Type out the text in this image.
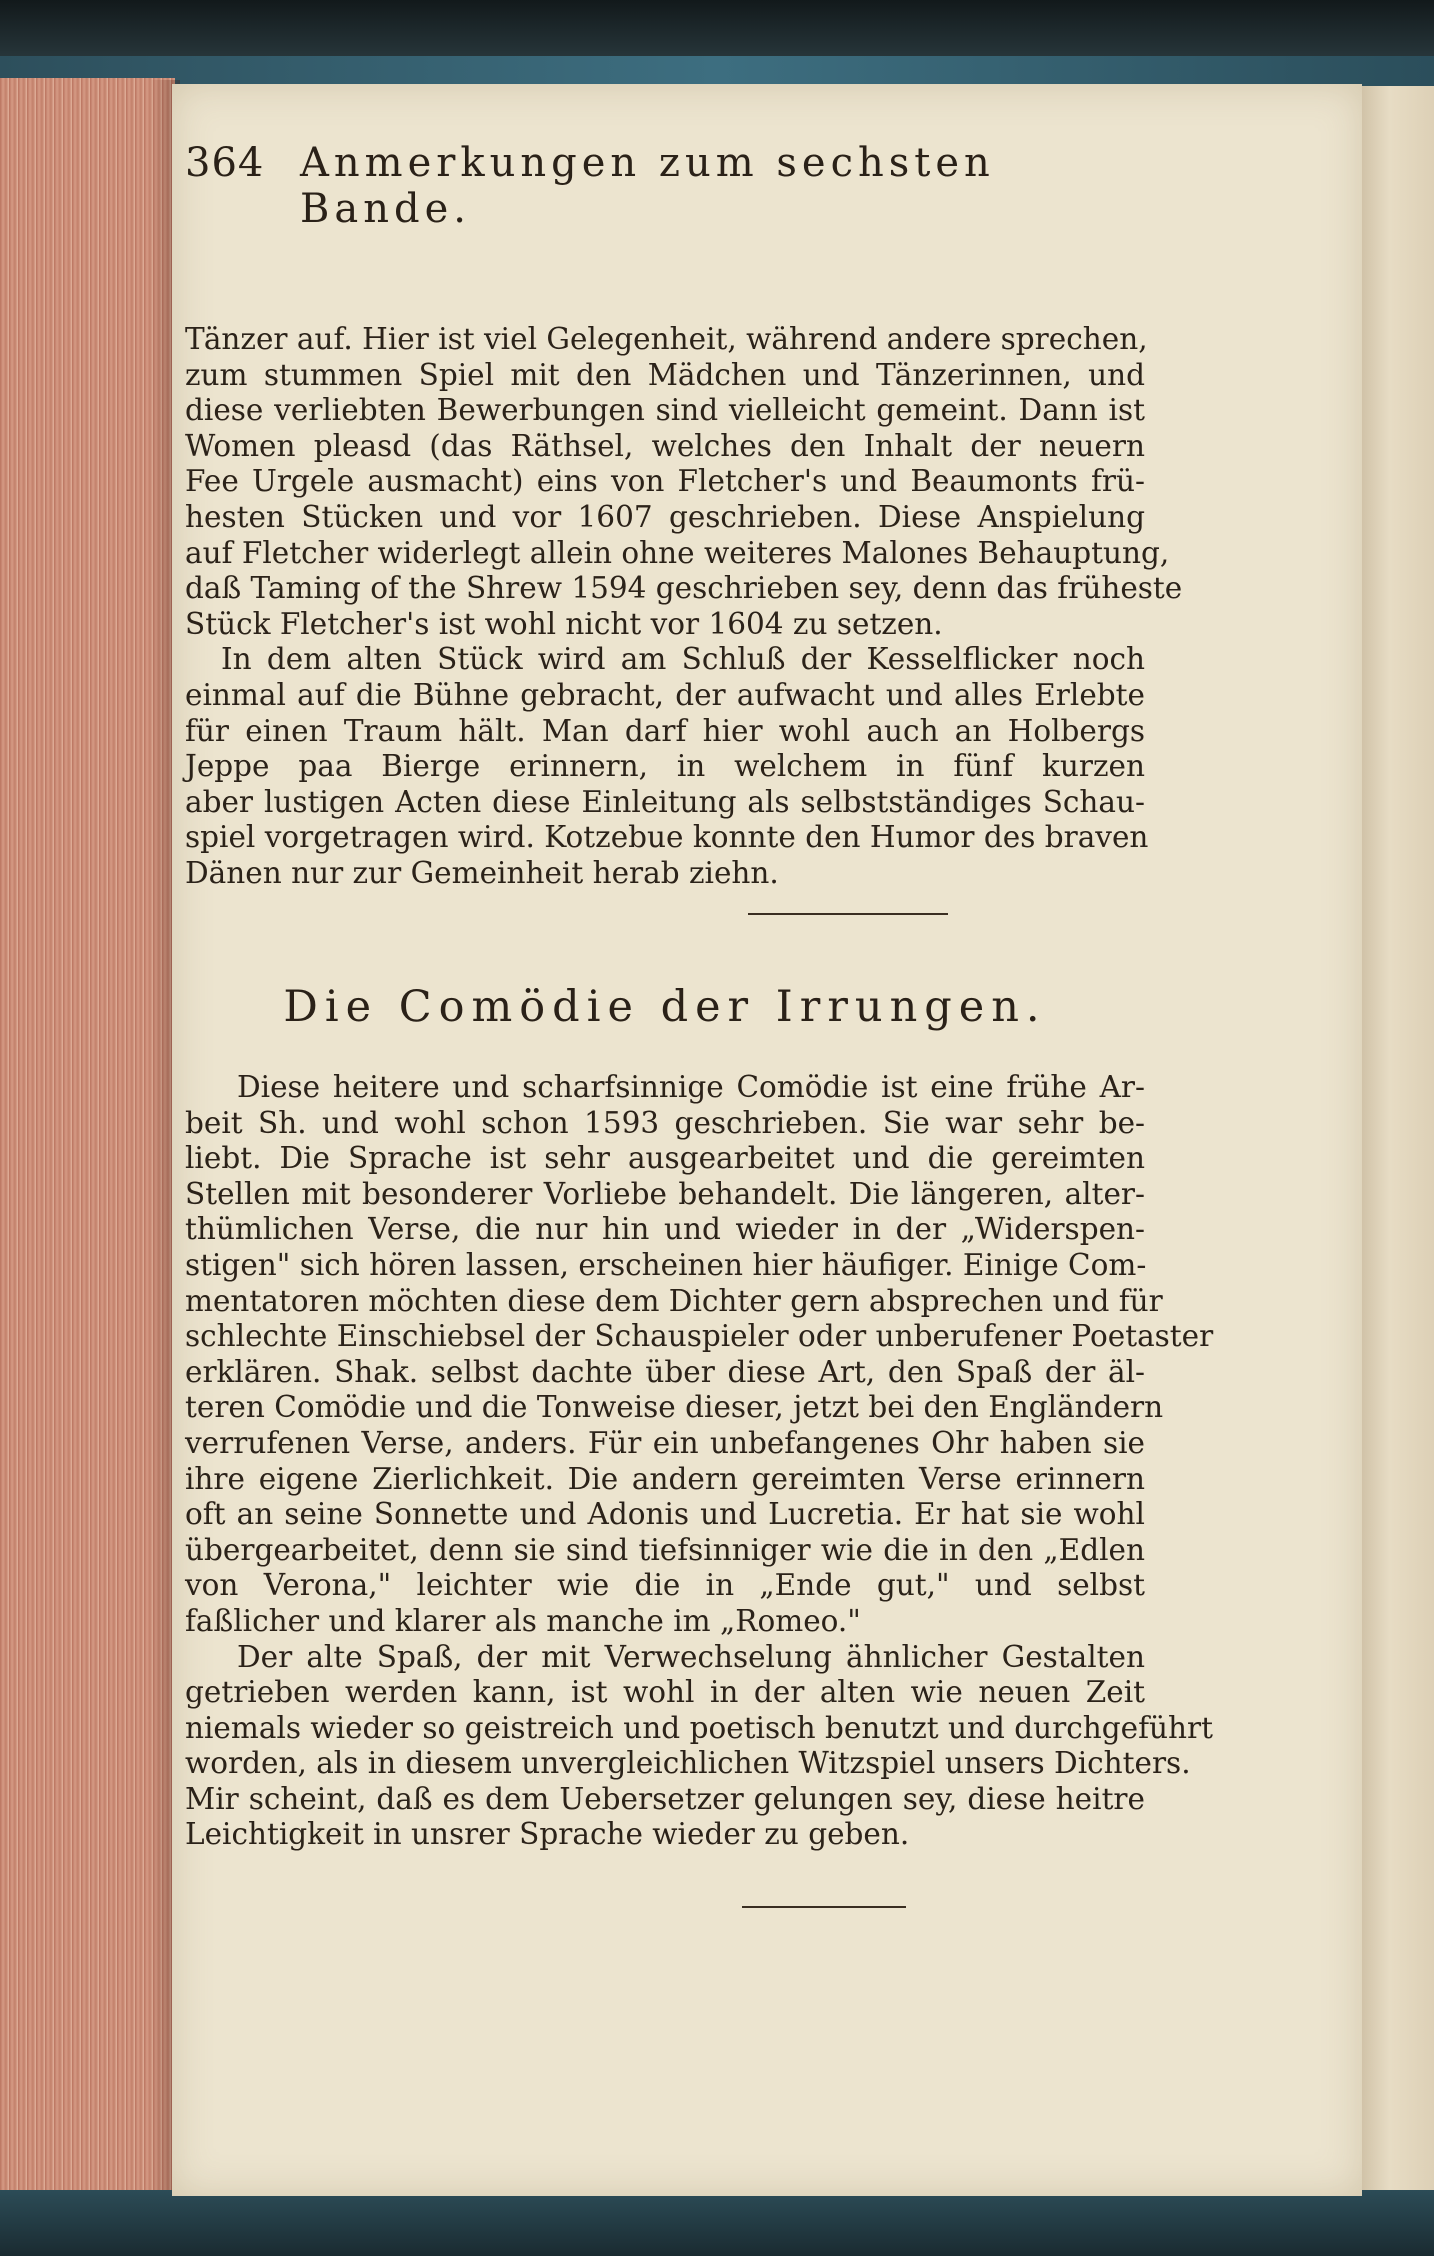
364 Anmerkungen zum sechsten Bande.
Tänzer auf. Hier ist viel Gelegenheit, während andere sprechen,
zum stummen Spiel mit den Mädchen und Tänzerinnen, und
diese verliebten Bewerbungen sind vielleicht gemeint. Dann ist
Women pleasd (das Räthsel, welches den Inhalt der neuern
Fee Urgele ausmacht) eins von Fletcher's und Beaumonts frü-
hesten Stücken und vor 1607 geschrieben. Diese Anspielung
auf Fletcher widerlegt allein ohne weiteres Malones Behauptung,
daß Taming of the Shrew 1594 geschrieben sey, denn das früheste
Stück Fletcher's ist wohl nicht vor 1604 zu setzen.
In dem alten Stück wird am Schluß der Kesselflicker noch
einmal auf die Bühne gebracht, der aufwacht und alles Erlebte
für einen Traum hält. Man darf hier wohl auch an Holbergs
Jeppe paa Bierge erinnern, in welchem in fünf kurzen
aber lustigen Acten diese Einleitung als selbstständiges Schau-
spiel vorgetragen wird. Kotzebue konnte den Humor des braven
Dänen nur zur Gemeinheit herab ziehn.
Die Comödie der Irrungen.
Diese heitere und scharfsinnige Comödie ist eine frühe Ar-
beit Sh. und wohl schon 1593 geschrieben. Sie war sehr be-
liebt. Die Sprache ist sehr ausgearbeitet und die gereimten
Stellen mit besonderer Vorliebe behandelt. Die längeren, alter-
thümlichen Verse, die nur hin und wieder in der „Widerspen-
stigen" sich hören lassen, erscheinen hier häufiger. Einige Com-
mentatoren möchten diese dem Dichter gern absprechen und für
schlechte Einschiebsel der Schauspieler oder unberufener Poetaster
erklären. Shak. selbst dachte über diese Art, den Spaß der äl-
teren Comödie und die Tonweise dieser, jetzt bei den Engländern
verrufenen Verse, anders. Für ein unbefangenes Ohr haben sie
ihre eigene Zierlichkeit. Die andern gereimten Verse erinnern
oft an seine Sonnette und Adonis und Lucretia. Er hat sie wohl
übergearbeitet, denn sie sind tiefsinniger wie die in den „Edlen
von Verona," leichter wie die in „Ende gut," und selbst
faßlicher und klarer als manche im „Romeo."
Der alte Spaß, der mit Verwechselung ähnlicher Gestalten
getrieben werden kann, ist wohl in der alten wie neuen Zeit
niemals wieder so geistreich und poetisch benutzt und durchgeführt
worden, als in diesem unvergleichlichen Witzspiel unsers Dichters.
Mir scheint, daß es dem Uebersetzer gelungen sey, diese heitre
Leichtigkeit in unsrer Sprache wieder zu geben.
